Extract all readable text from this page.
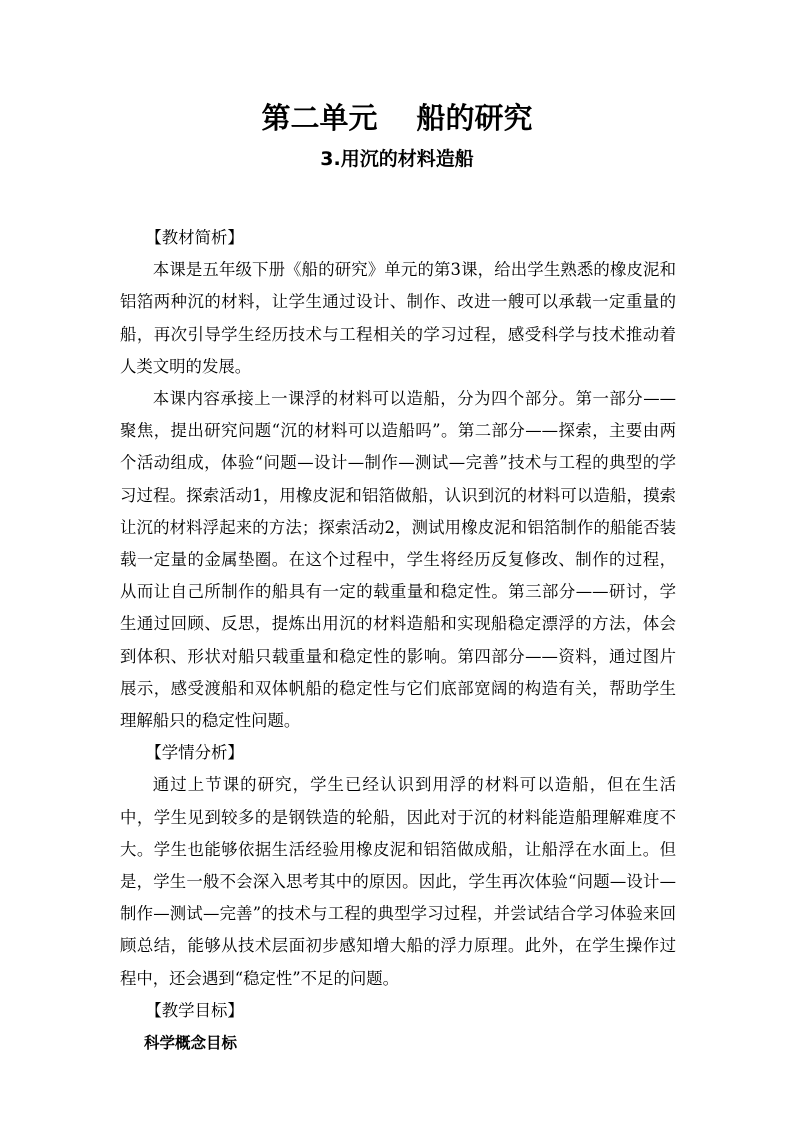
第二单元　 船的研究
3.用沉的材料造船

【教材简析】

本课是五年级下册《船的研究》单元的第3课，给出学生熟悉的橡皮泥和铝箔两种沉的材料，让学生通过设计、制作、改进一艘可以承载一定重量的船，再次引导学生经历技术与工程相关的学习过程，感受科学与技术推动着人类文明的发展。

本课内容承接上一课浮的材料可以造船，分为四个部分。第一部分——聚焦，提出研究问题“沉的材料可以造船吗”。第二部分——探索，主要由两个活动组成，体验“问题—设计—制作—测试—完善”技术与工程的典型的学习过程。探索活动1，用橡皮泥和铝箔做船，认识到沉的材料可以造船，摸索让沉的材料浮起来的方法；探索活动2，测试用橡皮泥和铝箔制作的船能否装载一定量的金属垫圈。在这个过程中，学生将经历反复修改、制作的过程，从而让自己所制作的船具有一定的载重量和稳定性。第三部分——研讨，学生通过回顾、反思，提炼出用沉的材料造船和实现船稳定漂浮的方法，体会到体积、形状对船只载重量和稳定性的影响。第四部分——资料，通过图片展示，感受渡船和双体帆船的稳定性与它们底部宽阔的构造有关，帮助学生理解船只的稳定性问题。

【学情分析】

通过上节课的研究，学生已经认识到用浮的材料可以造船，但在生活中，学生见到较多的是钢铁造的轮船，因此对于沉的材料能造船理解难度不大。学生也能够依据生活经验用橡皮泥和铝箔做成船，让船浮在水面上。但是，学生一般不会深入思考其中的原因。因此，学生再次体验“问题—设计—制作—测试—完善”的技术与工程的典型学习过程，并尝试结合学习体验来回顾总结，能够从技术层面初步感知增大船的浮力原理。此外，在学生操作过程中，还会遇到“稳定性”不足的问题。

【教学目标】

科学概念目标
